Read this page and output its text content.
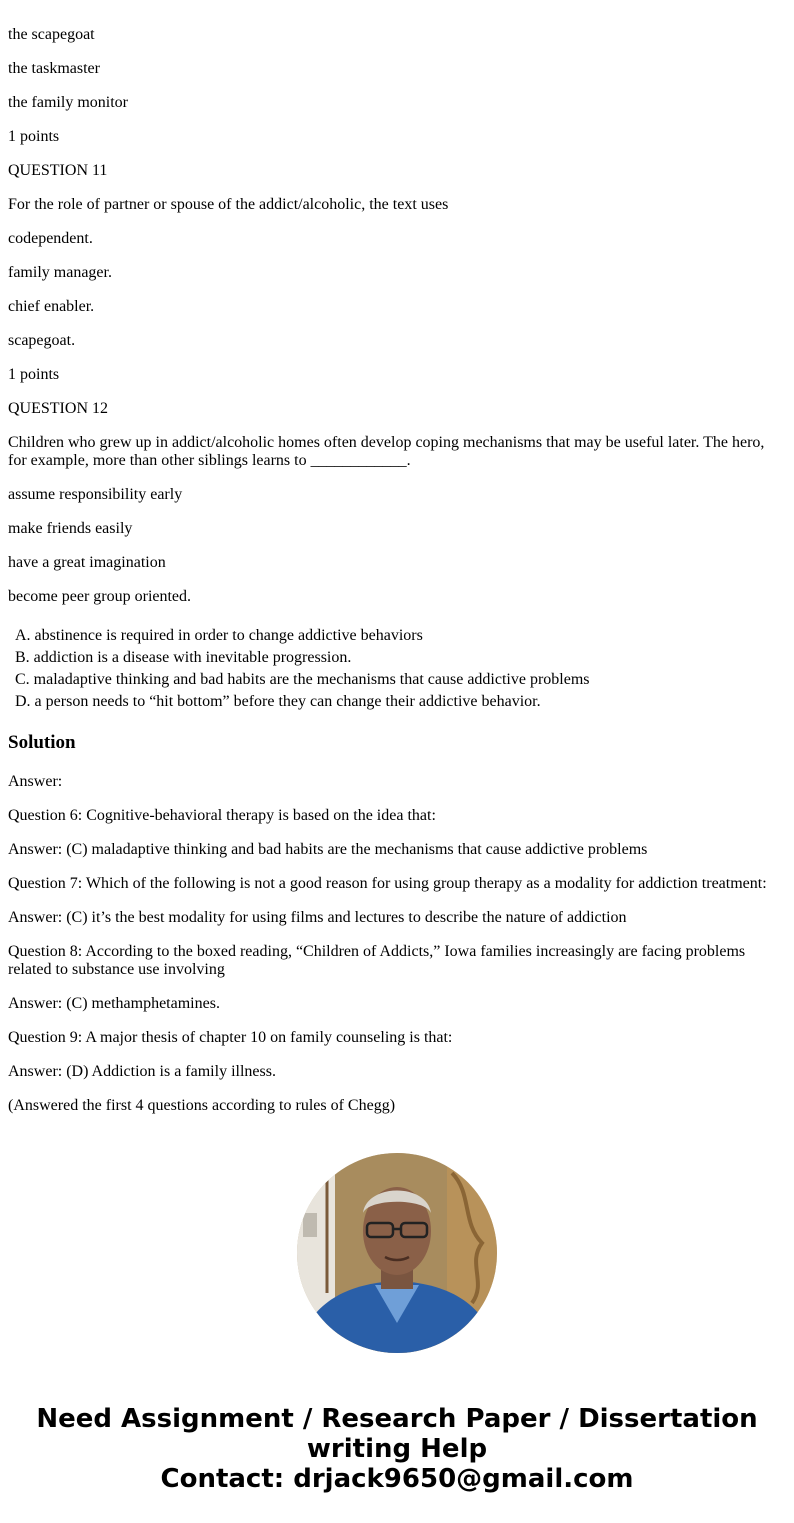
the scapegoat

the taskmaster

the family monitor

1 points

QUESTION 11

For the role of partner or spouse of the addict/alcoholic, the text uses

codependent.

family manager.

chief enabler.

scapegoat.

1 points

QUESTION 12

Children who grew up in addict/alcoholic homes often develop coping mechanisms that may be useful later. The hero, for example, more than other siblings learns to ____________.

assume responsibility early

make friends easily

have a great imagination

become peer group oriented.

A. abstinence is required in order to change addictive behaviors
B. addiction is a disease with inevitable progression.
C. maladaptive thinking and bad habits are the mechanisms that cause addictive problems
D. a person needs to “hit bottom” before they can change their addictive behavior.
Solution

Answer:

Question 6: Cognitive-behavioral therapy is based on the idea that:

Answer: (C) maladaptive thinking and bad habits are the mechanisms that cause addictive problems

Question 7: Which of the following is not a good reason for using group therapy as a modality for addiction treatment:

Answer: (C) it’s the best modality for using films and lectures to describe the nature of addiction

Question 8: According to the boxed reading, “Children of Addicts,” Iowa families increasingly are facing problems related to substance use involving

Answer: (C) methamphetamines.

Question 9: A major thesis of chapter 10 on family counseling is that:

Answer: (D) Addiction is a family illness.

(Answered the first 4 questions according to rules of Chegg)

Need Assignment / Research Paper / Dissertation writing Help
Contact: drjack9650@gmail.com
